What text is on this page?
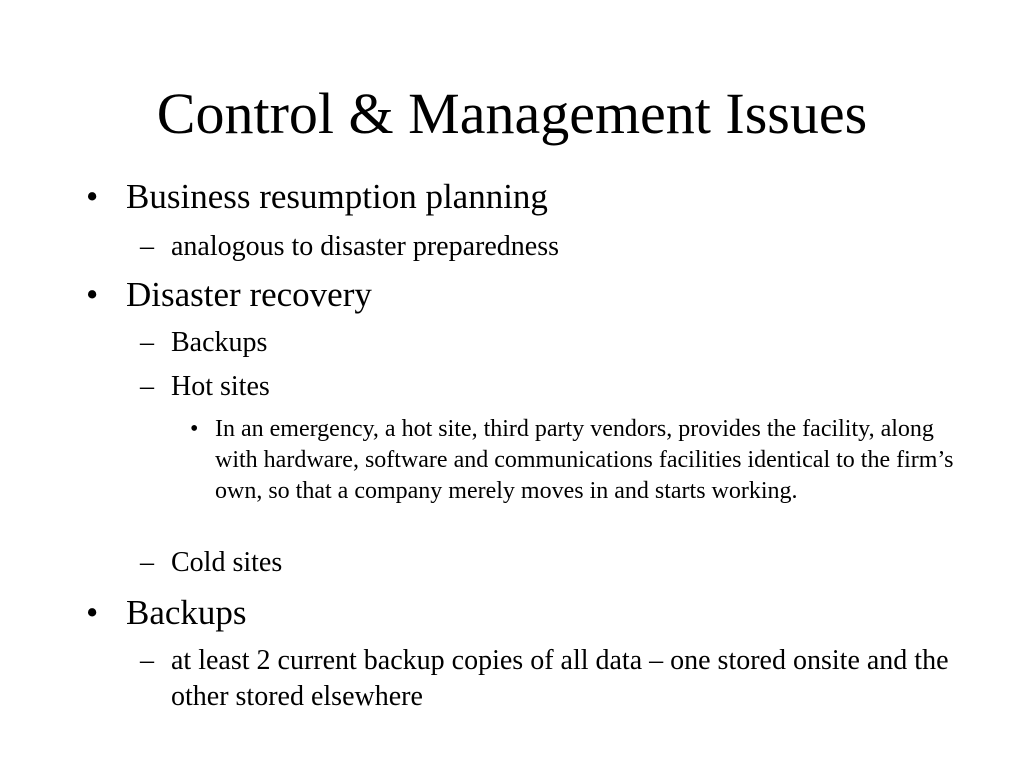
Control & Management Issues
• Business resumption planning
– analogous to disaster preparedness
• Disaster recovery
– Backups
– Hot sites
• In an emergency, a hot site, third party vendors, provides the facility, along with hardware, software and communications facilities identical to the firm’s own, so that a company merely moves in and starts working.
– Cold sites
• Backups
– at least 2 current backup copies of all data – one stored onsite and the other stored elsewhere
